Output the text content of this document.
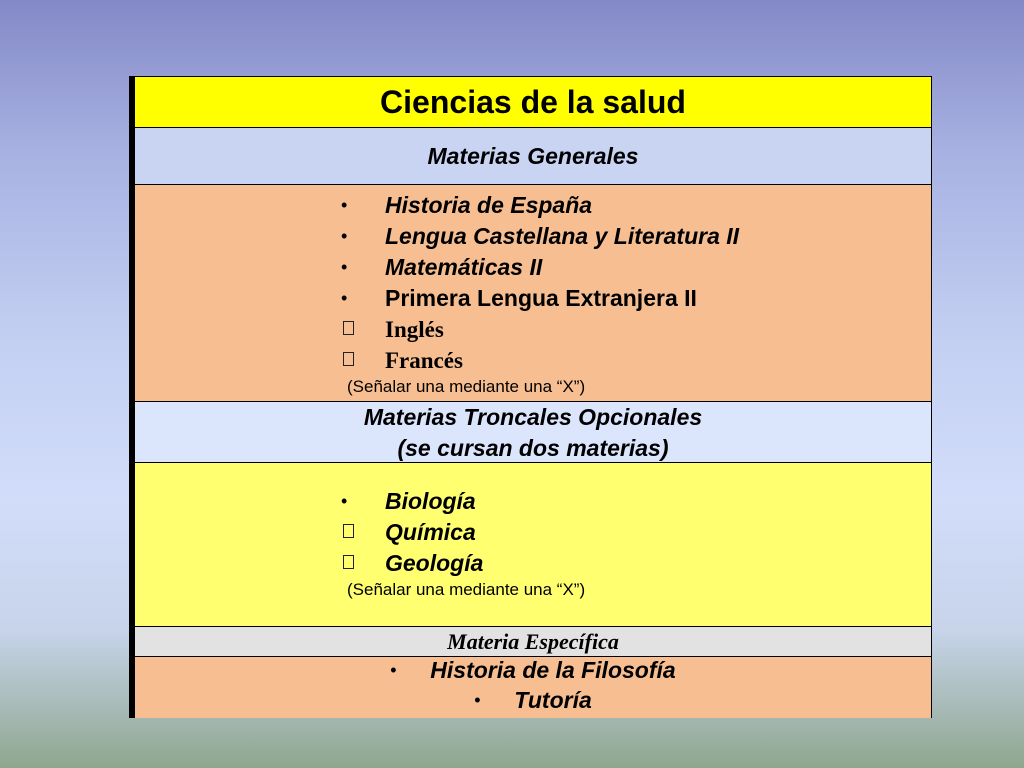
Ciencias de la salud
Materias Generales
•	Historia de España
•	Lengua Castellana y Literatura II
•	Matemáticas II
•	Primera Lengua Extranjera II
Inglés
Francés
(Señalar una mediante una “X”)
Materias Troncales Opcionales
(se cursan dos materias)
•	Biología
Química
Geología
(Señalar una mediante una “X”)
Materia Específica
•	Historia de la Filosofía
•	Tutoría
